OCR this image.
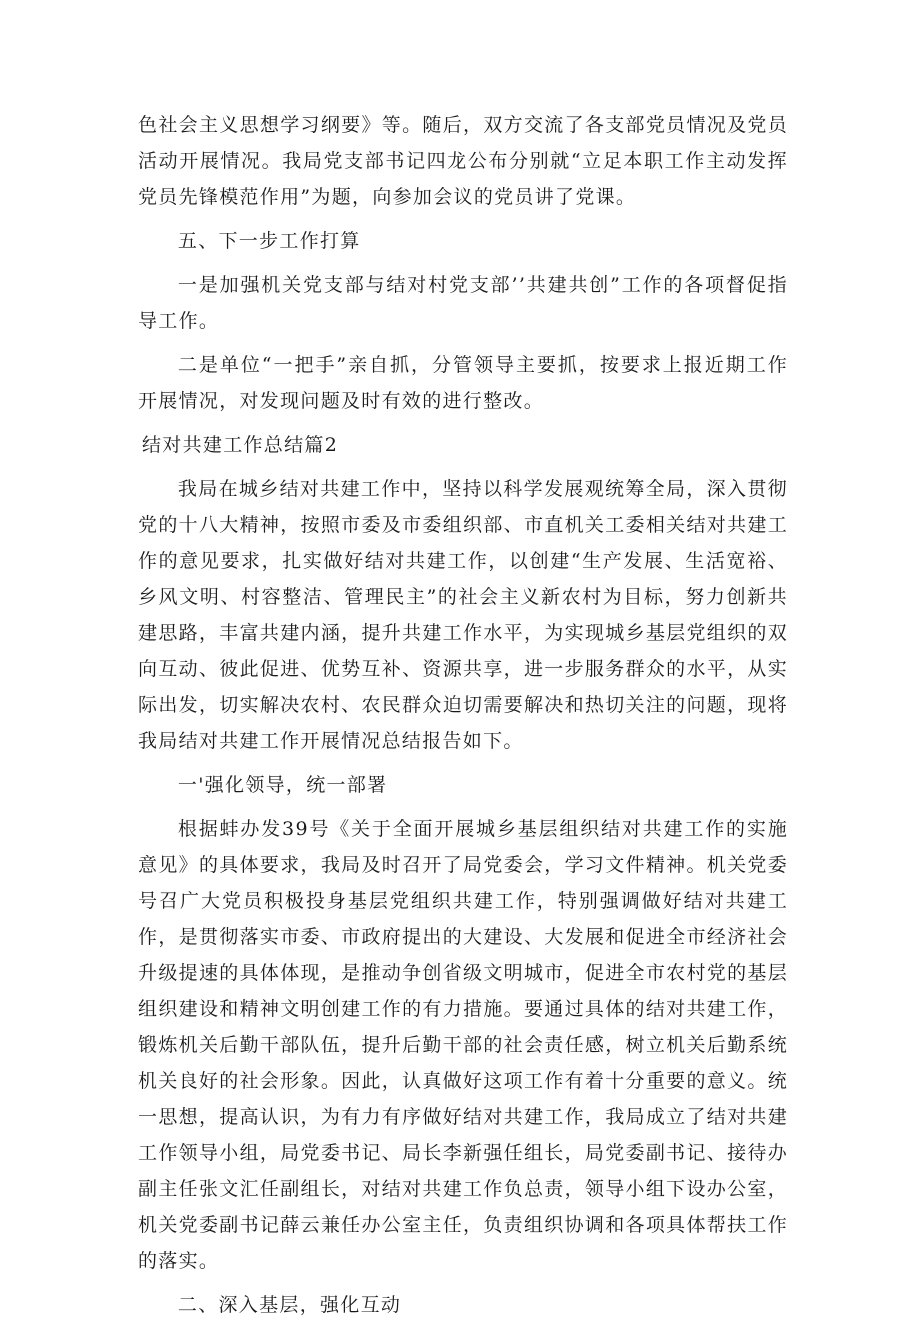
色社会主义思想学习纲要》等。随后，双方交流了各支部党员情况及党员活动开展情况。我局党支部书记四龙公布分别就“立足本职工作主动发挥党员先锋模范作用”为题，向参加会议的党员讲了党课。

五、下一步工作打算

一是加强机关党支部与结对村党支部’’共建共创”工作的各项督促指导工作。

二是单位“一把手”亲自抓，分管领导主要抓，按要求上报近期工作开展情况，对发现问题及时有效的进行整改。

结对共建工作总结篇2

我局在城乡结对共建工作中，坚持以科学发展观统筹全局，深入贯彻党的十八大精神，按照市委及市委组织部、市直机关工委相关结对共建工作的意见要求，扎实做好结对共建工作，以创建“生产发展、生活宽裕、乡风文明、村容整洁、管理民主”的社会主义新农村为目标，努力创新共建思路，丰富共建内涵，提升共建工作水平，为实现城乡基层党组织的双向互动、彼此促进、优势互补、资源共享，进一步服务群众的水平，从实际出发，切实解决农村、农民群众迫切需要解决和热切关注的问题，现将我局结对共建工作开展情况总结报告如下。

一'强化领导，统一部署

根据蚌办发39号《关于全面开展城乡基层组织结对共建工作的实施意见》的具体要求，我局及时召开了局党委会，学习文件精神。机关党委号召广大党员积极投身基层党组织共建工作，特别强调做好结对共建工作，是贯彻落实市委、市政府提出的大建设、大发展和促进全市经济社会升级提速的具体体现，是推动争创省级文明城市，促进全市农村党的基层组织建设和精神文明创建工作的有力措施。要通过具体的结对共建工作，锻炼机关后勤干部队伍，提升后勤干部的社会责任感，树立机关后勤系统机关良好的社会形象。因此，认真做好这项工作有着十分重要的意义。统一思想，提高认识，为有力有序做好结对共建工作，我局成立了结对共建工作领导小组，局党委书记、局长李新强任组长，局党委副书记、接待办副主任张文汇任副组长，对结对共建工作负总责，领导小组下设办公室，机关党委副书记薛云兼任办公室主任，负责组织协调和各项具体帮扶工作的落实。

二、深入基层，强化互动
